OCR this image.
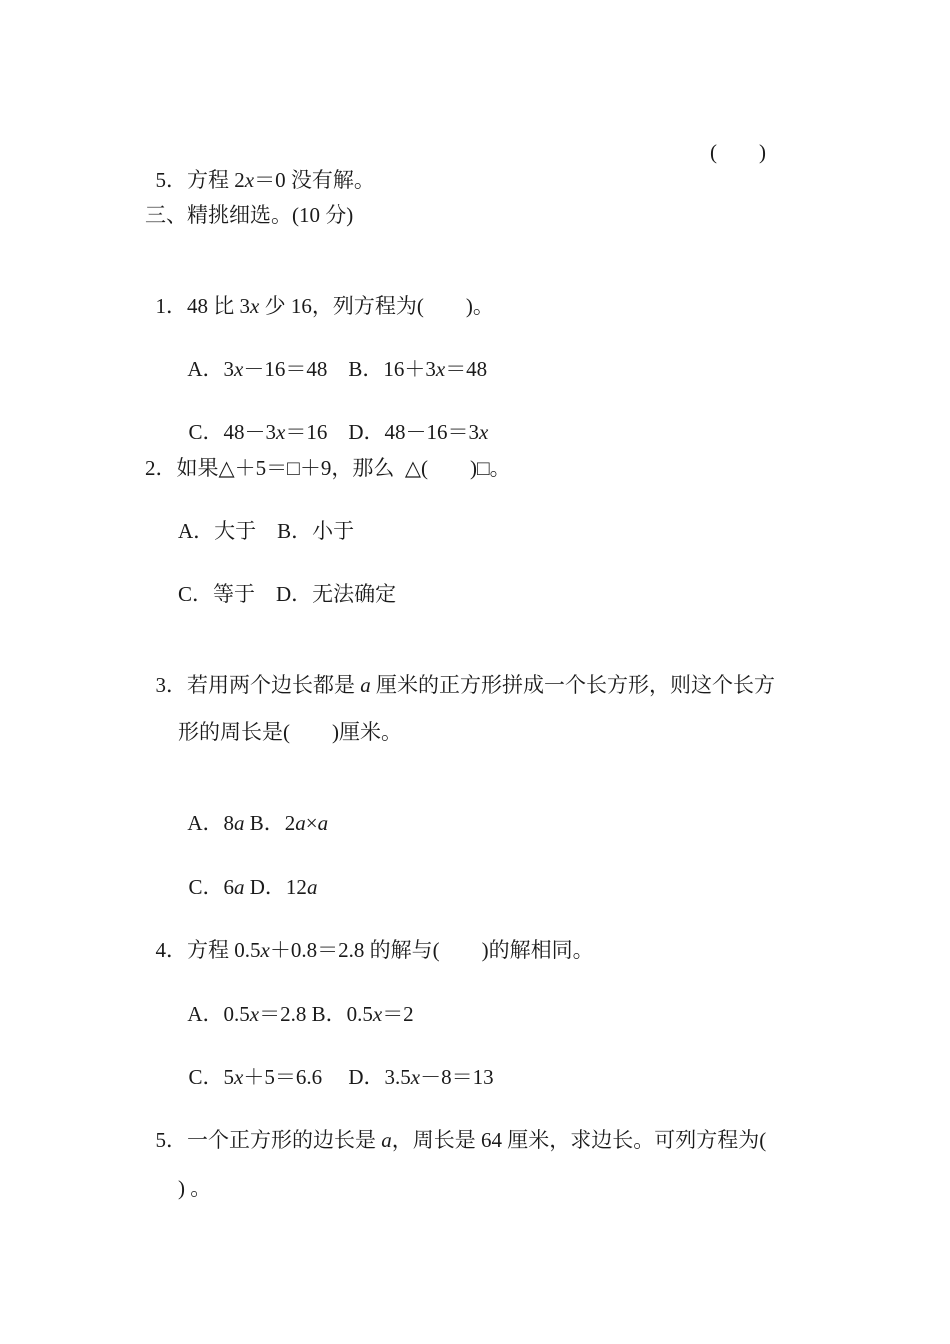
5．方程 2x＝0 没有解。

(　　)
三、精挑细选。(10 分)

1．48 比 3x 少 16，列方程为(　　)。

A．3x－16＝48　B．16＋3x＝48

C．48－3x＝16　D．48－16＝3x

2．如果△＋5＝□＋9，那么  △(　　)□。
A．大于　B．小于
C．等于　D．无法确定

3．若用两个边长都是 a 厘米的正方形拼成一个长方形，则这个长方

形的周长是(　　)厘米。

A．8a B．2a×a

C．6a D．12a

4．方程 0.5x＋0.8＝2.8 的解与(　　)的解相同。

A．0.5x＝2.8 B．0.5x＝2

C．5x＋5＝6.6　 D．3.5x－8＝13

5．一个正方形的边长是 a，周长是 64 厘米，求边长。可列方程为(

) 。
